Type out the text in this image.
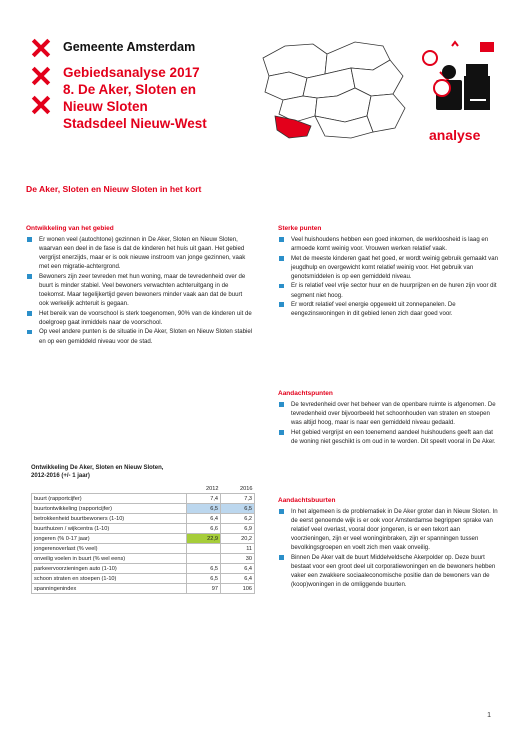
Gemeente Amsterdam
Gebiedsanalyse 2017
8. De Aker, Sloten en
Nieuw Sloten
Stadsdeel Nieuw-West
analyse
De Aker, Sloten en Nieuw Sloten in het kort
Ontwikkeling van het gebied
Er wonen veel (autochtone) gezinnen in De Aker, Sloten en Nieuw Sloten, waarvan een deel in de fase is dat de kinderen het huis uit gaan. Het gebied vergrijst enerzijds, maar er is ook nieuwe instroom van jonge gezinnen, vaak met een migratie-achtergrond.
Bewoners zijn zeer tevreden met hun woning, maar de tevredenheid over de buurt is minder stabiel. Veel bewoners verwachten achteruitgang in de toekomst. Maar tegelijkertijd geven bewoners minder vaak aan dat de buurt ook werkelijk achteruit is gegaan.
Het bereik van de voorschool is sterk toegenomen, 90% van de kinderen uit de doelgroep gaat inmiddels naar de voorschool.
Op veel andere punten is de situatie in De Aker, Sloten en Nieuw Sloten stabiel en op een gemiddeld niveau voor de stad.
Ontwikkeling De Aker, Sloten en Nieuw Sloten,
2012-2016 (+/- 1 jaar)
	2012	2016
buurt (rapportcijfer)	7,4	7,3
buurtontwikkeling (rapportcijfer)	6,5	6,5
betrokkenheid buurtbewoners (1-10)	6,4	6,2
buurthuizen / wijkcentra (1-10)	6,6	6,9
jongeren (% 0-17 jaar)	22,9	20,2
jongerenoverlast (% veel)		11
onveilig voelen in buurt (% wel eens)		30
parkeervoorzieningen auto (1-10)	6,5	6,4
schoon straten en stoepen (1-10)	6,5	6,4
spanningenindex	97	106
Sterke punten
Veel huishoudens hebben een goed inkomen, de werkloosheid is laag en armoede komt weinig voor. Vrouwen werken relatief vaak.
Met de meeste kinderen gaat het goed, er wordt weinig gebruik gemaakt van jeugdhulp en overgewicht komt relatief weinig voor. Het gebruik van genotsmiddelen is op een gemiddeld niveau.
Er is relatief veel vrije sector huur en de huurprijzen en de huren zijn voor dit segment niet hoog.
Er wordt relatief veel energie opgewekt uit zonnepanelen. De eengezinswoningen in dit gebied lenen zich daar goed voor.
Aandachtspunten
De tevredenheid over het beheer van de openbare ruimte is afgenomen. De tevredenheid over bijvoorbeeld het schoonhouden van straten en stoepen was altijd hoog, maar is naar een gemiddeld niveau gedaald.
Het gebied vergrijst en een toenemend aandeel huishoudens geeft aan dat de woning niet geschikt is om oud in te worden. Dit speelt vooral in De Aker.
Aandachtsbuurten
In het algemeen is de problematiek in De Aker groter dan in Nieuw Sloten. In de eerst genoemde wijk is er ook voor Amsterdamse begrippen sprake van relatief veel overlast, vooral door jongeren, is er een tekort aan voorzieningen, zijn er veel woninginbraken, zijn er spanningen tussen bevolkingsgroepen en voelt zich men vaak onveilig.
Binnen De Aker valt de buurt Middelveldsche Akerpolder op. Deze buurt bestaat voor een groot deel uit corporatiewoningen en de bewoners hebben vaker een zwakkere sociaaleconomische positie dan de bewoners van de (koop)woningen in de omliggende buurten.
1
